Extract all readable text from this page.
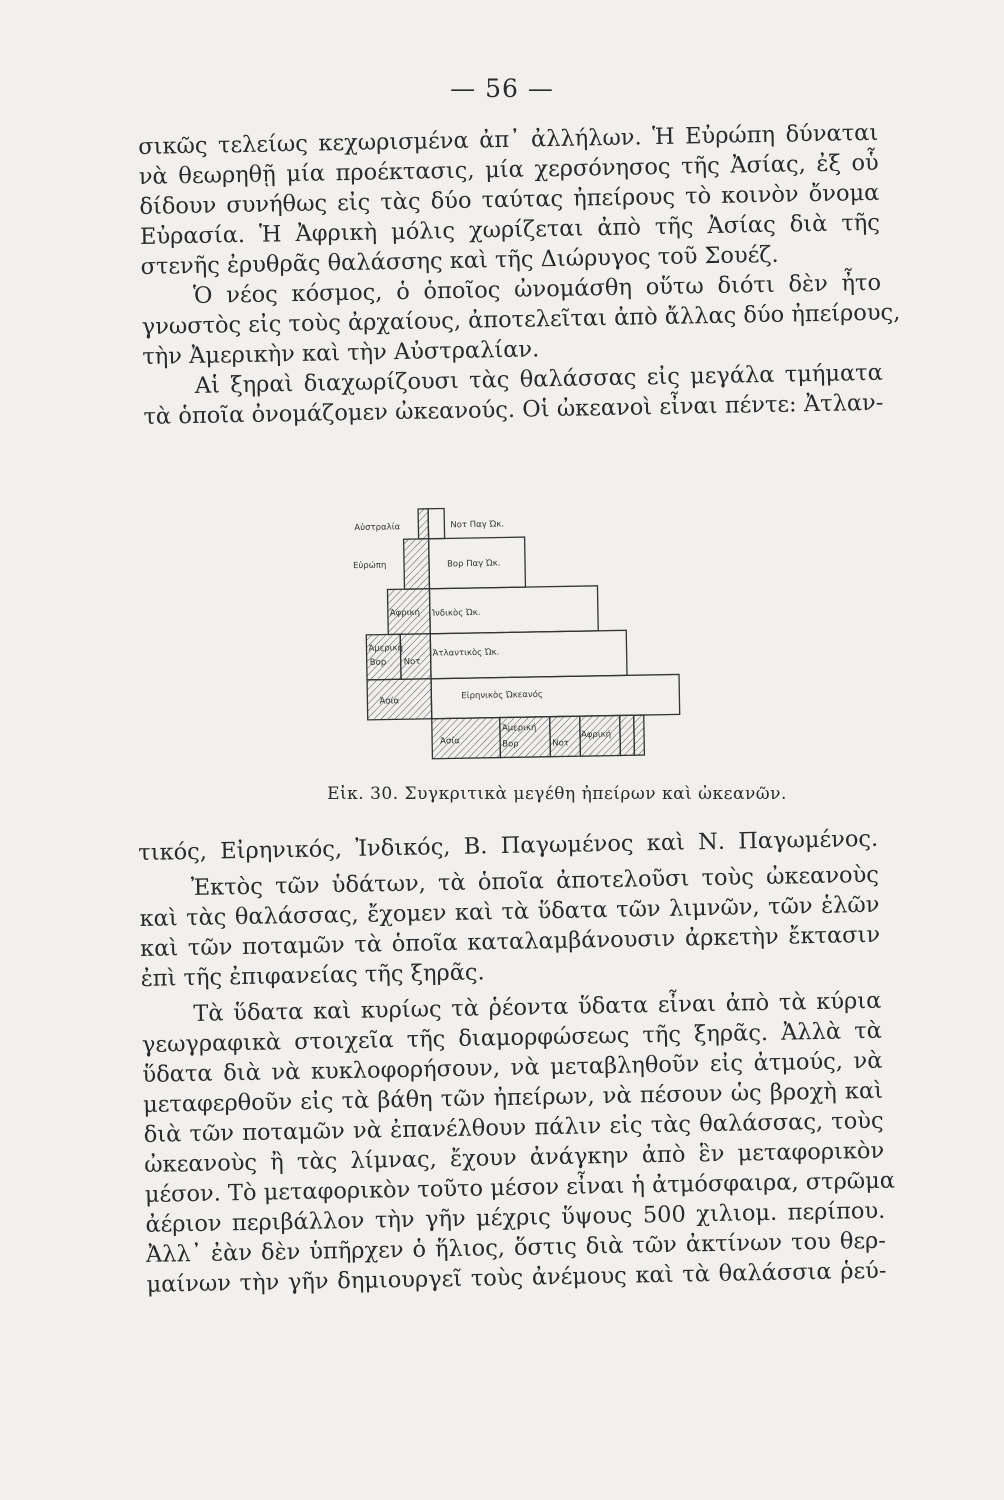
— 56 —
σικῶς τελείως κεχωρισμένα ἀπ᾽ ἀλλήλων. Ἡ Εὐρώπη δύναται
νὰ θεωρηθῇ μία προέκτασις, μία χερσόνησος τῆς Ἀσίας, ἐξ οὗ
δίδουν συνήθως εἰς τὰς δύο ταύτας ἠπείρους τὸ κοινὸν ὄνομα
Εὐρασία. Ἡ Ἀφρικὴ μόλις χωρίζεται ἀπὸ τῆς Ἀσίας διὰ τῆς
στενῆς ἐρυθρᾶς θαλάσσης καὶ τῆς Διώρυγος τοῦ Σουέζ.
Ὁ νέος κόσμος, ὁ ὁποῖος ὠνομάσθη οὕτω διότι δὲν ἦτο
γνωστὸς εἰς τοὺς ἀρχαίους, ἀποτελεῖται ἀπὸ ἄλλας δύο ἠπείρους,
τὴν Ἀμερικὴν καὶ τὴν Αὐστραλίαν.
Αἱ ξηραὶ διαχωρίζουσι τὰς θαλάσσας εἰς μεγάλα τμήματα
τὰ ὁποῖα ὀνομάζομεν ὠκεανούς. Οἱ ὠκεανοὶ εἶναι πέντε: Ἀτλαν-
Αὐστραλία	Νοτ Παγ Ὠκ.
Εὐρώπη	Βορ Παγ Ὠκ.
Ἀφρική Ἰνδικὸς Ὠκ.
Ἀμερική
Βορ Νοτ
Ἀτλαντικὸς Ὠκ.
Ἀσία
Εἰρηνικὸς Ὠκεανός
Ἀσία
Ἀμερική
Βορ	Νοτ
Ἀφρική
Εἰκ. 30. Συγκριτικὰ μεγέθη ἠπείρων καὶ ὠκεανῶν.
τικός, Εἰρηνικός, Ἰνδικός, Β. Παγωμένος καὶ Ν. Παγωμένος.
Ἐκτὸς τῶν ὑδάτων, τὰ ὁποῖα ἀποτελοῦσι τοὺς ὠκεανοὺς
καὶ τὰς θαλάσσας, ἔχομεν καὶ τὰ ὕδατα τῶν λιμνῶν, τῶν ἑλῶν
καὶ τῶν ποταμῶν τὰ ὁποῖα καταλαμβάνουσιν ἀρκετὴν ἔκτασιν
ἐπὶ τῆς ἐπιφανείας τῆς ξηρᾶς.
Τὰ ὕδατα καὶ κυρίως τὰ ῥέοντα ὕδατα εἶναι ἀπὸ τὰ κύρια
γεωγραφικὰ στοιχεῖα τῆς διαμορφώσεως τῆς ξηρᾶς. Ἀλλὰ τὰ
ὕδατα διὰ νὰ κυκλοφορήσουν, νὰ μεταβληθοῦν εἰς ἀτμούς, νὰ
μεταφερθοῦν εἰς τὰ βάθη τῶν ἠπείρων, νὰ πέσουν ὡς βροχὴ καὶ
διὰ τῶν ποταμῶν νὰ ἐπανέλθουν πάλιν εἰς τὰς θαλάσσας, τοὺς
ὠκεανοὺς ἢ τὰς λίμνας, ἔχουν ἀνάγκην ἀπὸ ἓν μεταφορικὸν
μέσον. Τὸ μεταφορικὸν τοῦτο μέσον εἶναι ἡ ἀτμόσφαιρα, στρῶμα
ἀέριον περιβάλλον τὴν γῆν μέχρις ὕψους 500 χιλιομ. περίπου.
Ἀλλ᾽ ἐὰν δὲν ὑπῆρχεν ὁ ἥλιος, ὅστις διὰ τῶν ἀκτίνων του θερ-
μαίνων τὴν γῆν δημιουργεῖ τοὺς ἀνέμους καὶ τὰ θαλάσσια ῥεύ-
